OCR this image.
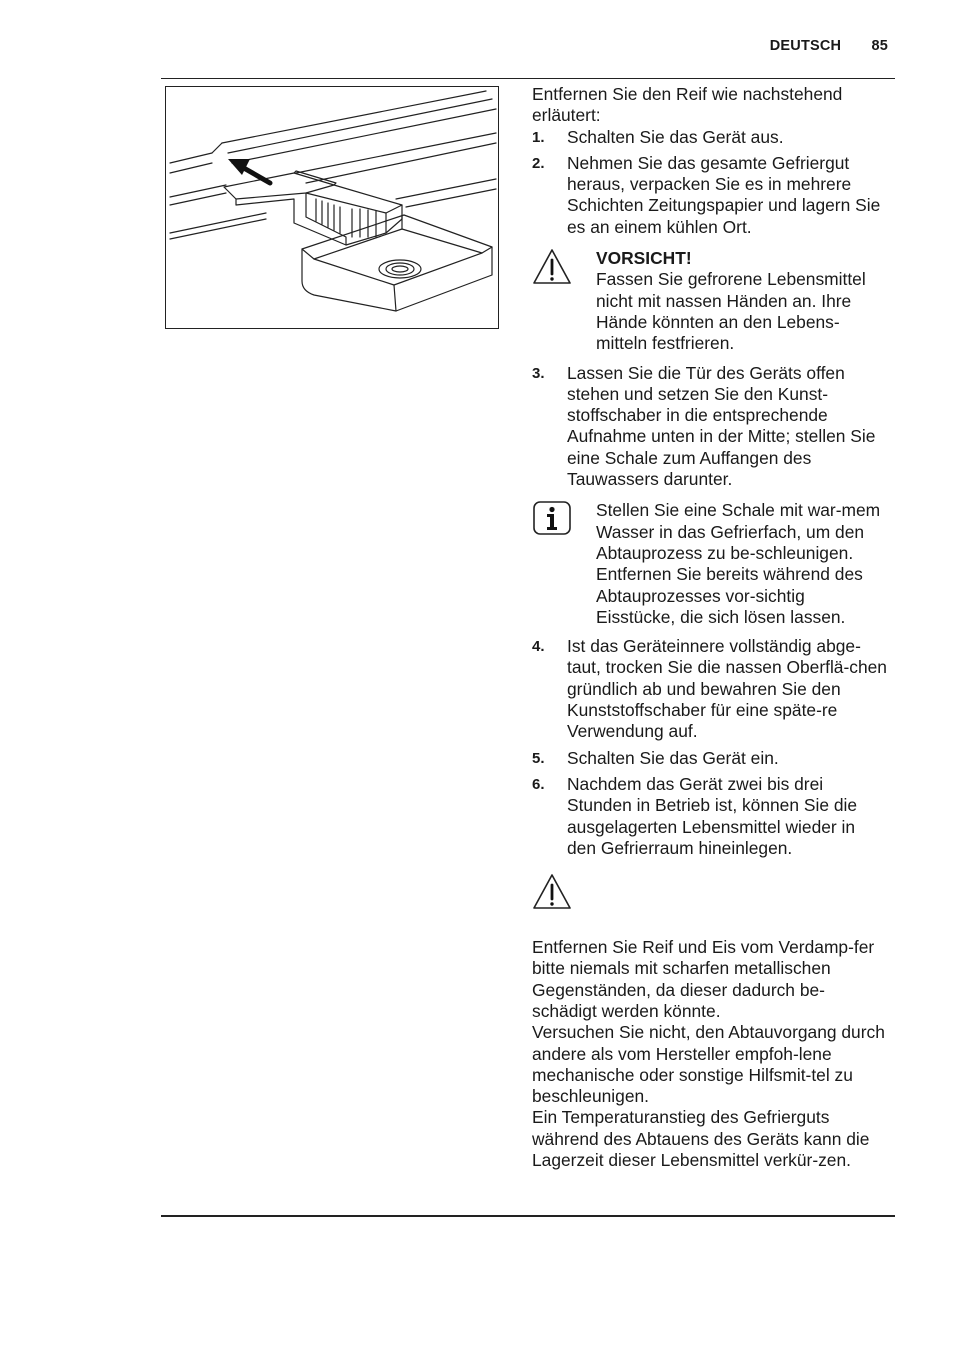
DEUTSCH 85

Entfernen Sie den Reif wie nachstehend erläutert:

1.	Schalten Sie das Gerät aus.
2.	Nehmen Sie das gesamte Gefriergut heraus, verpacken Sie es in mehrere Schichten Zeitungspapier und lagern Sie es an einem kühlen Ort.

VORSICHT!

Fassen Sie gefrorene Lebensmittel nicht mit nassen Händen an. Ihre Hände könnten an den Lebens-mitteln festfrieren.

3.	Lassen Sie die Tür des Geräts offen stehen und setzen Sie den Kunst-stoffschaber in die entsprechende Aufnahme unten in der Mitte; stellen Sie eine Schale zum Auffangen des Tauwassers darunter.

Stellen Sie eine Schale mit war-mem Wasser in das Gefrierfach, um den Abtauprozess zu be-schleunigen. Entfernen Sie bereits während des Abtauprozesses vor-sichtig Eisstücke, die sich lösen lassen.

4.	Ist das Geräteinnere vollständig abge-taut, trocken Sie die nassen Oberflä-chen gründlich ab und bewahren Sie den Kunststoffschaber für eine späte-re Verwendung auf.
5.	Schalten Sie das Gerät ein.
6.	Nachdem das Gerät zwei bis drei Stunden in Betrieb ist, können Sie die ausgelagerten Lebensmittel wieder in den Gefrierraum hineinlegen.

Entfernen Sie Reif und Eis vom Verdamp-fer bitte niemals mit scharfen metallischen Gegenständen, da dieser dadurch be-schädigt werden könnte.

Versuchen Sie nicht, den Abtauvorgang durch andere als vom Hersteller empfoh-lene mechanische oder sonstige Hilfsmit-tel zu beschleunigen.

Ein Temperaturanstieg des Gefrierguts während des Abtauens des Geräts kann die Lagerzeit dieser Lebensmittel verkür-zen.
